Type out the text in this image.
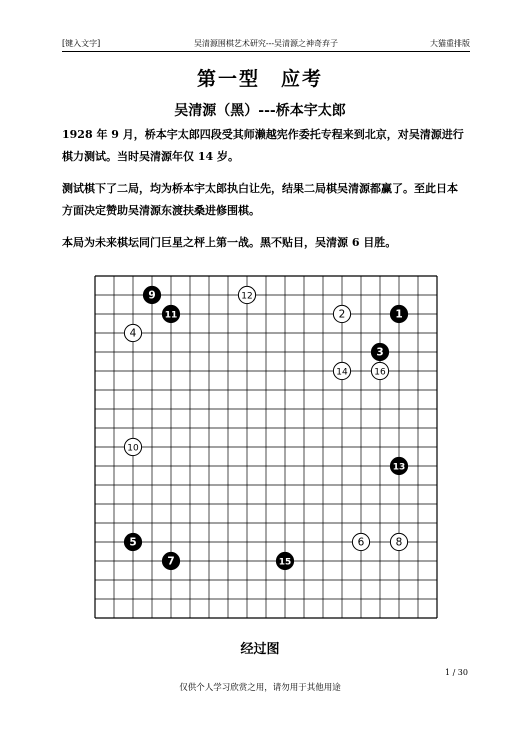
吴清源围棋艺术研究---吴清源之神奇弃子
[键入文字]	大猫重排版
第一型　应考
吴清源（黑）---桥本宇太郎
1928 年 9 月，桥本宇太郎四段受其师濑越宪作委托专程来到北京，对吴清源进行棋力测试。当时吴清源年仅 14 岁。
测试棋下了二局，均为桥本宇太郎执白让先，结果二局棋吴清源都赢了。至此日本方面决定赞助吴清源东渡扶桑进修围棋。
本局为未来棋坛同门巨星之枰上第一战。黑不贴目，吴清源 6 目胜。
1
2
3
4
5	6
7
8
9
10
11
12
13
14
15
16
经过图
1 / 30
仅供个人学习欣赏之用，请勿用于其他用途
